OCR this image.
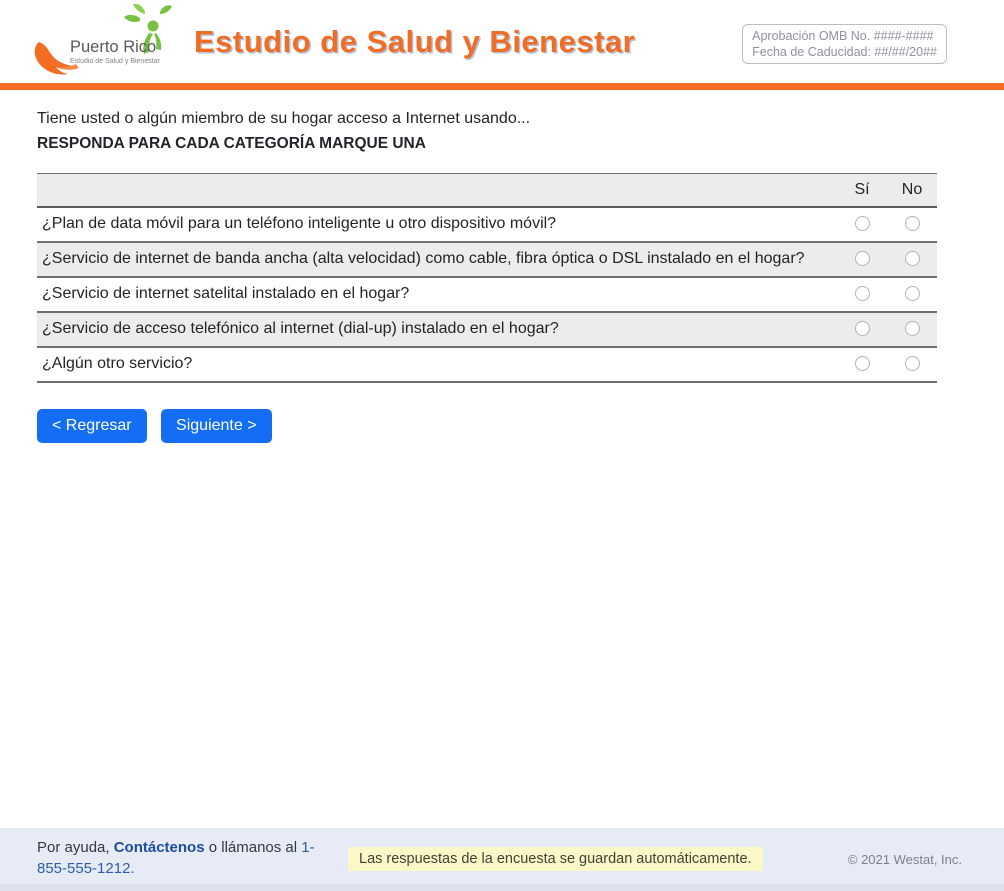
Puerto Rico
Estudio de Salud y Bienestar
Estudio de Salud y Bienestar	Aprobación OMB No. ####-####
Fecha de Caducidad: ##/##/20##
Tiene usted o algún miembro de su hogar acceso a Internet usando...
RESPONDA PARA CADA CATEGORÍA MARQUE UNA
	Sí	No
¿Plan de data móvil para un teléfono inteligente u otro dispositivo móvil?		
¿Servicio de internet de banda ancha (alta velocidad) como cable, fibra óptica o DSL instalado en el hogar?		
¿Servicio de internet satelital instalado en el hogar?		
¿Servicio de acceso telefónico al internet (dial-up) instalado en el hogar?		
¿Algún otro servicio?		
< Regresar	Siguiente >
Por ayuda, Contáctenos o llámanos al 1-855-555-1212.
Las respuestas de la encuesta se guardan automáticamente.	© 2021 Westat, Inc.
